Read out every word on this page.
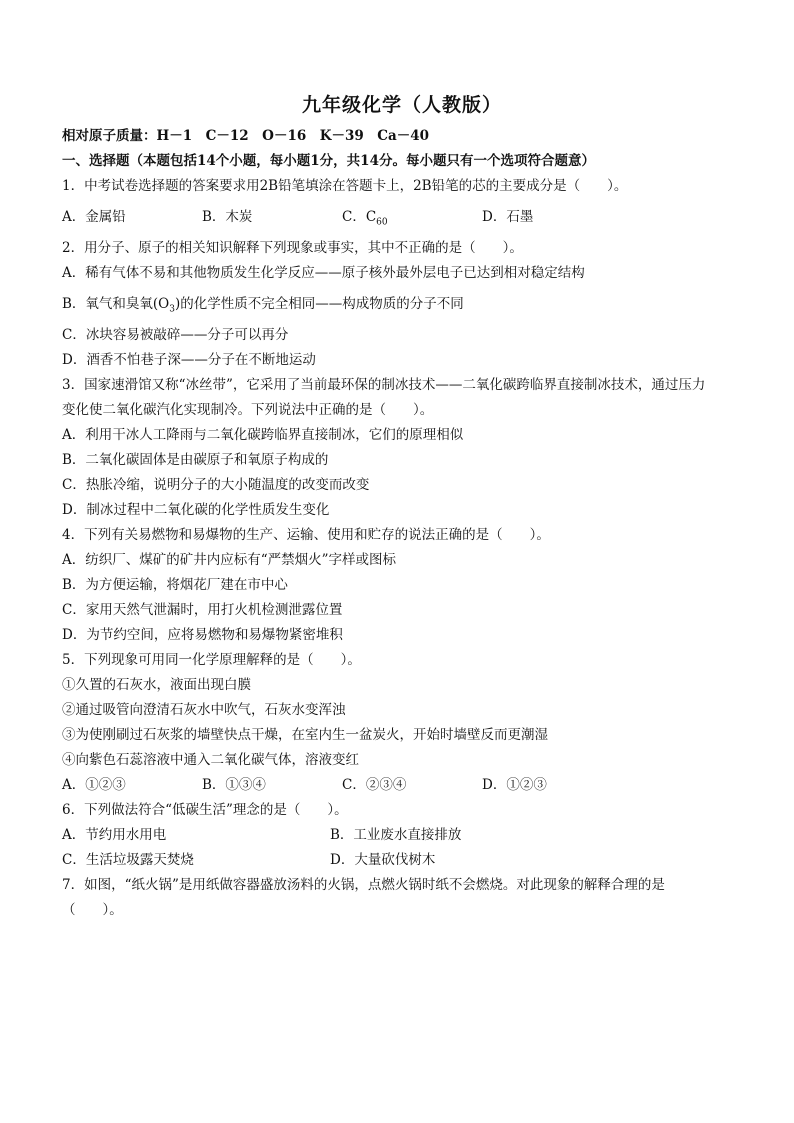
九年级化学（人教版）
相对原子质量：H－1　C－12　O－16　K－39　Ca－40
一、选择题（本题包括14个小题，每小题1分，共14分。每小题只有一个选项符合题意）
1．中考试卷选择题的答案要求用2B铅笔填涂在答题卡上，2B铅笔的芯的主要成分是（　　）。
A．金属铅	B．木炭	C．$C_{60}$	D．石墨
2．用分子、原子的相关知识解释下列现象或事实，其中不正确的是（　　）。
A．稀有气体不易和其他物质发生化学反应——原子核外最外层电子已达到相对稳定结构
B．氧气和臭氧$(O_3)$的化学性质不完全相同——构成物质的分子不同
C．冰块容易被敲碎——分子可以再分
D．酒香不怕巷子深——分子在不断地运动
3．国家速滑馆又称“冰丝带”，它采用了当前最环保的制冰技术——二氧化碳跨临界直接制冰技术，通过压力
变化使二氧化碳汽化实现制冷。下列说法中正确的是（　　）。
A．利用干冰人工降雨与二氧化碳跨临界直接制冰，它们的原理相似
B．二氧化碳固体是由碳原子和氧原子构成的
C．热胀冷缩，说明分子的大小随温度的改变而改变
D．制冰过程中二氧化碳的化学性质发生变化
4．下列有关易燃物和易爆物的生产、运输、使用和贮存的说法正确的是（　　）。
A．纺织厂、煤矿的矿井内应标有“严禁烟火”字样或图标
B．为方便运输，将烟花厂建在市中心
C．家用天然气泄漏时，用打火机检测泄露位置
D．为节约空间，应将易燃物和易爆物紧密堆积
5．下列现象可用同一化学原理解释的是（　　）。
①久置的石灰水，液面出现白膜
②通过吸管向澄清石灰水中吹气，石灰水变浑浊
③为使刚刷过石灰浆的墙壁快点干燥，在室内生一盆炭火，开始时墙壁反而更潮湿
④向紫色石蕊溶液中通入二氧化碳气体，溶液变红
A．①②③	B．①③④	C．②③④	D．①②③
6．下列做法符合“低碳生活”理念的是（　　）。
A．节约用水用电	B．工业废水直接排放
C．生活垃圾露天焚烧	D．大量砍伐树木
7．如图，“纸火锅”是用纸做容器盛放汤料的火锅，点燃火锅时纸不会燃烧。对此现象的解释合理的是
（　　）。
